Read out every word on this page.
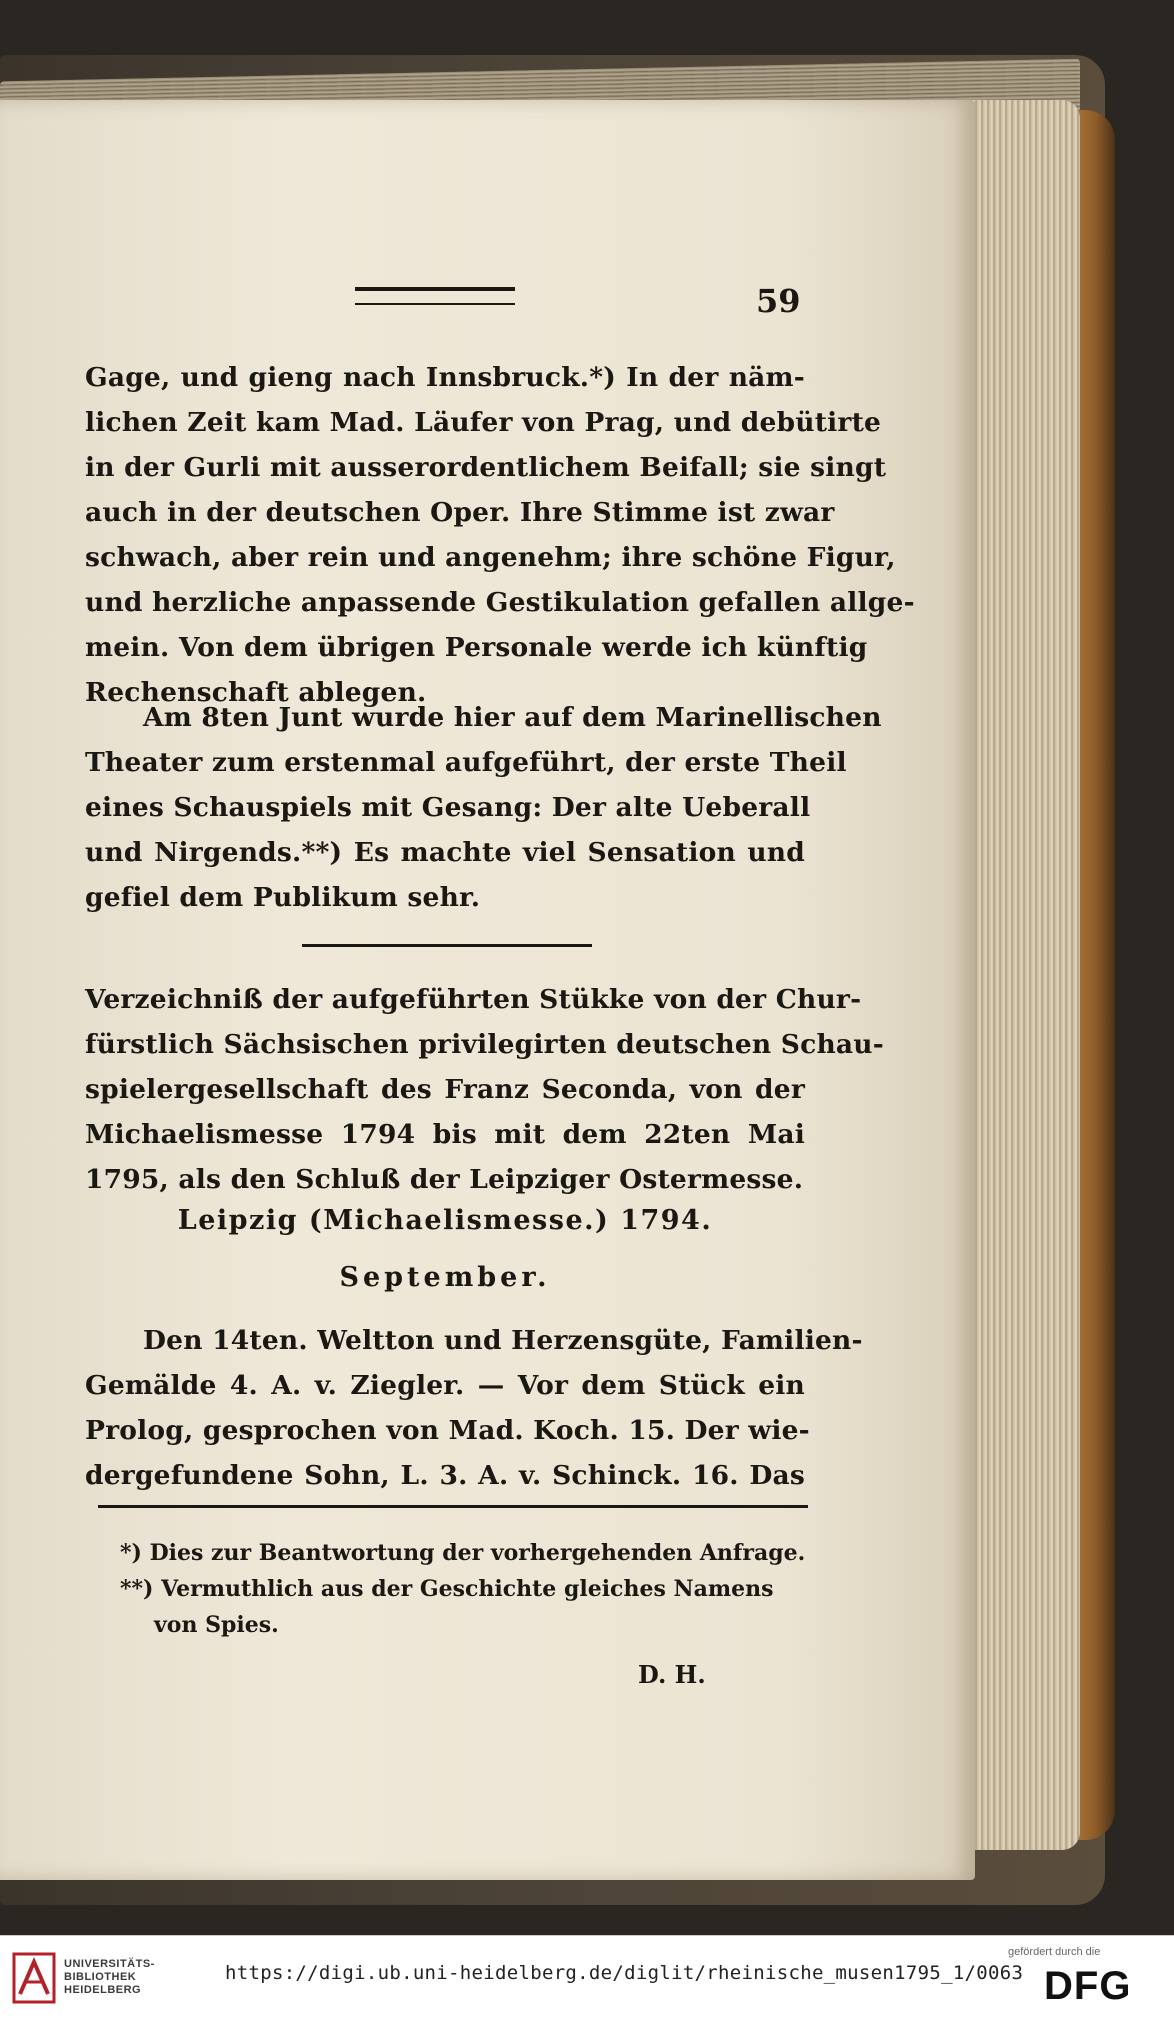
59
Gage, und gieng nach Innsbruck.*) In der näm-
lichen Zeit kam Mad. Läufer von Prag, und debütirte
in der Gurli mit ausserordentlichem Beifall; sie singt
auch in der deutschen Oper. Ihre Stimme ist zwar
schwach, aber rein und angenehm; ihre schöne Figur,
und herzliche anpassende Gestikulation gefallen allge-
mein. Von dem übrigen Personale werde ich künftig
Rechenschaft ablegen.
Am 8ten Junt wurde hier auf dem Marinellischen
Theater zum erstenmal aufgeführt, der erste Theil
eines Schauspiels mit Gesang: Der alte Ueberall
und Nirgends.**) Es machte viel Sensation und
gefiel dem Publikum sehr.
Verzeichniß der aufgeführten Stükke von der Chur-
fürstlich Sächsischen privilegirten deutschen Schau-
spielergesellschaft des Franz Seconda, von der
Michaelismesse 1794 bis mit dem 22ten Mai
1795, als den Schluß der Leipziger Ostermesse.
Leipzig (Michaelismesse.) 1794.
September.
Den 14ten. Weltton und Herzensgüte, Familien-
Gemälde 4. A. v. Ziegler. — Vor dem Stück ein
Prolog, gesprochen von Mad. Koch. 15. Der wie-
dergefundene Sohn, L. 3. A. v. Schinck. 16. Das
*) Dies zur Beantwortung der vorhergehenden Anfrage.
**) Vermuthlich aus der Geschichte gleiches Namens
von Spies.
D. H.
UNIVERSITÄTS-
BIBLIOTHEK
HEIDELBERG
https://digi.ub.uni-heidelberg.de/diglit/rheinische_musen1795_1/0063
gefördert durch die
DFG
